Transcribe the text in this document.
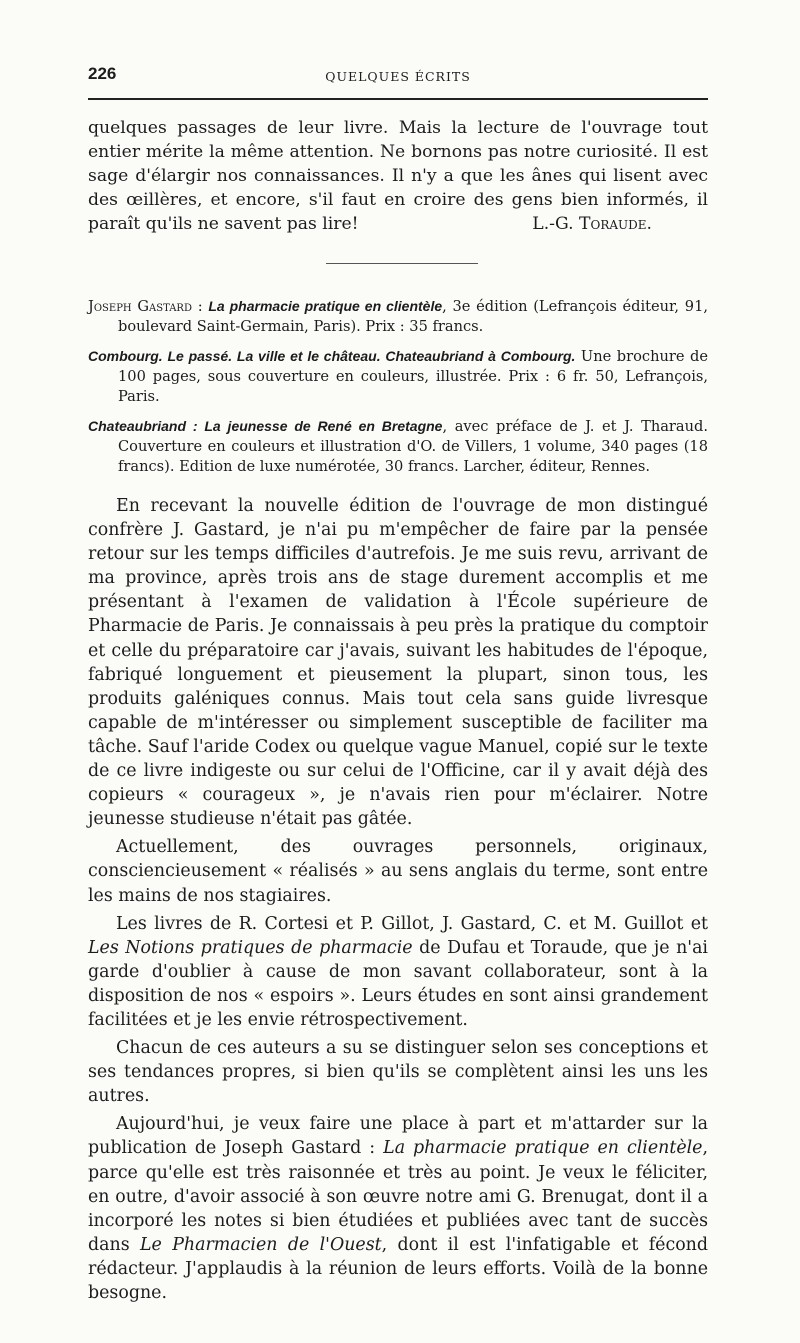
226	QUELQUES ÉCRITS

quelques passages de leur livre. Mais la lecture de l'ouvrage tout entier mérite la même attention. Ne bornons pas notre curiosité. Il est sage d'élargir nos connaissances. Il n'y a que les ânes qui lisent avec des œillères, et encore, s'il faut en croire des gens bien informés, il paraît qu'ils ne savent pas lire!	L.-G. Toraude.

Joseph Gastard : La pharmacie pratique en clientèle, 3e édition (Lefrançois éditeur, 91, boulevard Saint-Germain, Paris). Prix : 35 francs.

Combourg. Le passé. La ville et le château. Chateaubriand à Combourg. Une brochure de 100 pages, sous couverture en couleurs, illustrée. Prix : 6 fr. 50, Lefrançois, Paris.

Chateaubriand : La jeunesse de René en Bretagne, avec préface de J. et J. Tharaud. Couverture en couleurs et illustration d'O. de Villers, 1 volume, 340 pages (18 francs). Edition de luxe numérotée, 30 francs. Larcher, éditeur, Rennes.

En recevant la nouvelle édition de l'ouvrage de mon distingué confrère J. Gastard, je n'ai pu m'empêcher de faire par la pensée retour sur les temps difficiles d'autrefois. Je me suis revu, arrivant de ma province, après trois ans de stage durement accomplis et me présentant à l'examen de validation à l'École supérieure de Pharmacie de Paris. Je connaissais à peu près la pratique du comptoir et celle du préparatoire car j'avais, suivant les habitudes de l'époque, fabriqué longuement et pieusement la plupart, sinon tous, les produits galéniques connus. Mais tout cela sans guide livresque capable de m'intéresser ou simplement susceptible de faciliter ma tâche. Sauf l'aride Codex ou quelque vague Manuel, copié sur le texte de ce livre indigeste ou sur celui de l'Officine, car il y avait déjà des copieurs « courageux », je n'avais rien pour m'éclairer. Notre jeunesse studieuse n'était pas gâtée.

Actuellement, des ouvrages personnels, originaux, consciencieusement « réalisés » au sens anglais du terme, sont entre les mains de nos stagiaires.

Les livres de R. Cortesi et P. Gillot, J. Gastard, C. et M. Guillot et Les Notions pratiques de pharmacie de Dufau et Toraude, que je n'ai garde d'oublier à cause de mon savant collaborateur, sont à la disposition de nos « espoirs ». Leurs études en sont ainsi grandement facilitées et je les envie rétrospectivement.

Chacun de ces auteurs a su se distinguer selon ses conceptions et ses tendances propres, si bien qu'ils se complètent ainsi les uns les autres.

Aujourd'hui, je veux faire une place à part et m'attarder sur la publication de Joseph Gastard : La pharmacie pratique en clientèle, parce qu'elle est très raisonnée et très au point. Je veux le féliciter, en outre, d'avoir associé à son œuvre notre ami G. Brenugat, dont il a incorporé les notes si bien étudiées et publiées avec tant de succès dans Le Pharmacien de l'Ouest, dont il est l'infatigable et fécond rédacteur. J'applaudis à la réunion de leurs efforts. Voilà de la bonne besogne.
